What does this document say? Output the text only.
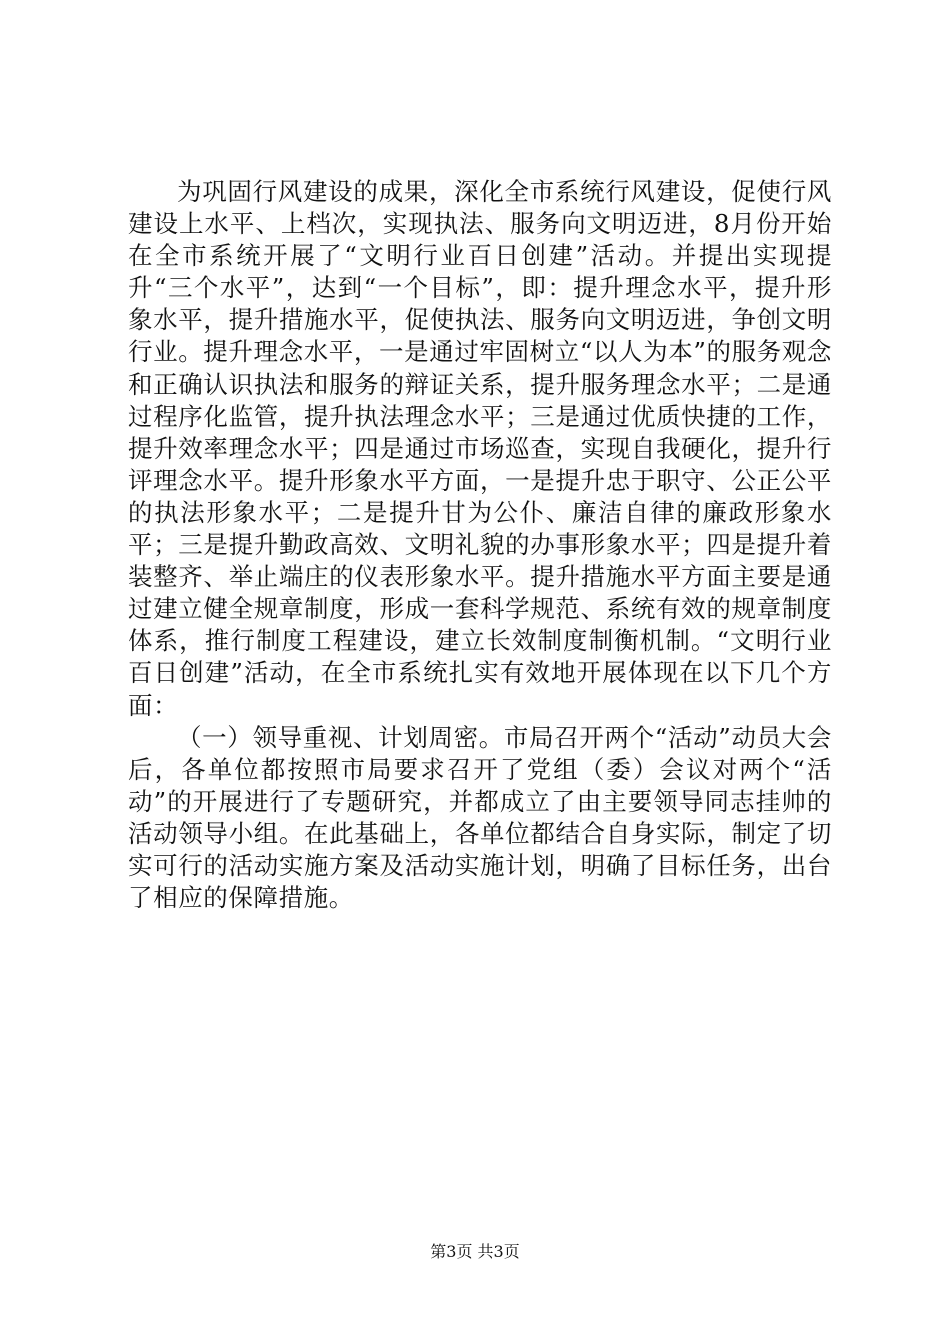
为巩固行风建设的成果，深化全市系统行风建设，促使行风建设上水平、上档次，实现执法、服务向文明迈进，8月份开始在全市系统开展了“文明行业百日创建”活动。并提出实现提升“三个水平”，达到“一个目标”，即：提升理念水平，提升形象水平，提升措施水平，促使执法、服务向文明迈进，争创文明行业。提升理念水平，一是通过牢固树立“以人为本”的服务观念和正确认识执法和服务的辩证关系，提升服务理念水平；二是通过程序化监管，提升执法理念水平；三是通过优质快捷的工作，提升效率理念水平；四是通过市场巡查，实现自我硬化，提升行评理念水平。提升形象水平方面，一是提升忠于职守、公正公平的执法形象水平；二是提升甘为公仆、廉洁自律的廉政形象水平；三是提升勤政高效、文明礼貌的办事形象水平；四是提升着装整齐、举止端庄的仪表形象水平。提升措施水平方面主要是通过建立健全规章制度，形成一套科学规范、系统有效的规章制度体系，推行制度工程建设，建立长效制度制衡机制。“文明行业百日创建”活动，在全市系统扎实有效地开展体现在以下几个方面：

（一）领导重视、计划周密。市局召开两个“活动”动员大会后，各单位都按照市局要求召开了党组（委）会议对两个“活动”的开展进行了专题研究，并都成立了由主要领导同志挂帅的活动领导小组。在此基础上，各单位都结合自身实际，制定了切实可行的活动实施方案及活动实施计划，明确了目标任务，出台了相应的保障措施。

第3页 共3页
